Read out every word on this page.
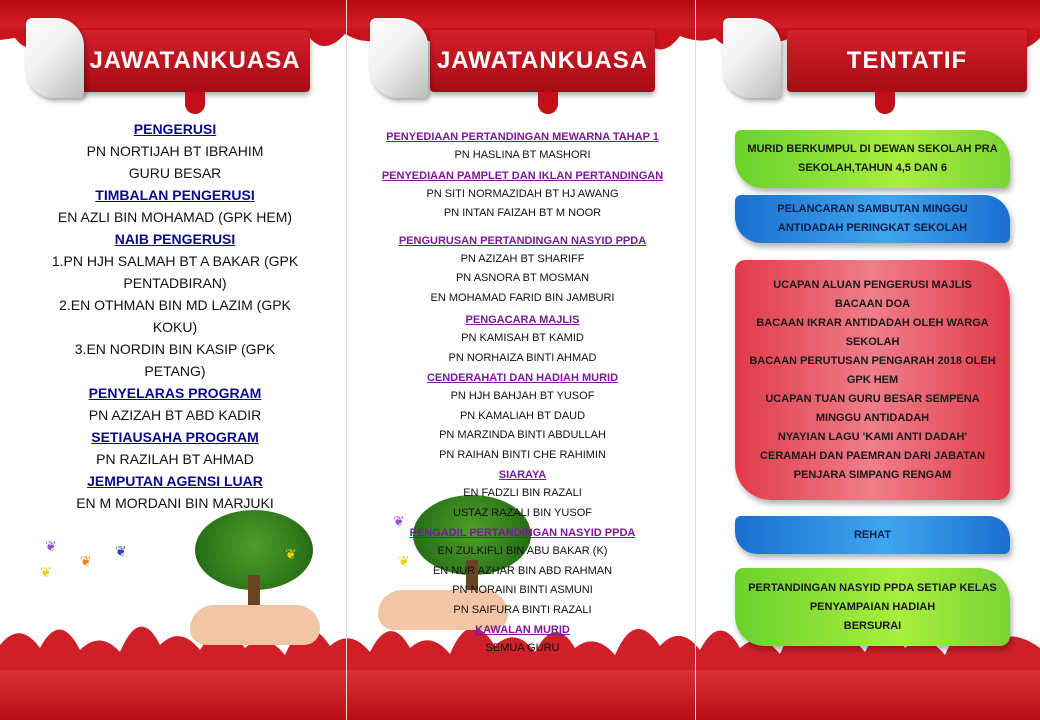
JAWATANKUASA
PENGERUSI
PN NORTIJAH BT IBRAHIM
GURU BESAR
TIMBALAN PENGERUSI
EN AZLI BIN MOHAMAD (GPK HEM)
NAIB PENGERUSI
1.PN HJH SALMAH BT A BAKAR (GPK
PENTADBIRAN)
2.EN OTHMAN BIN MD LAZIM (GPK
KOKU)
3.EN NORDIN BIN KASIP (GPK
PETANG)
PENYELARAS PROGRAM
PN AZIZAH BT ABD KADIR
SETIAUSAHA PROGRAM
PN RAZILAH BT AHMAD
JEMPUTAN AGENSI LUAR
EN M MORDANI BIN MARJUKI
❦
❦
❦
❦
❦
JAWATANKUASA
❦
❦
PENYEDIAAN PERTANDINGAN MEWARNA TAHAP 1
PN HASLINA BT MASHORI
PENYEDIAAN PAMPLET DAN IKLAN PERTANDINGAN
PN SITI NORMAZIDAH BT HJ AWANG
PN INTAN FAIZAH BT M NOOR
PENGURUSAN PERTANDINGAN NASYID PPDA
PN AZIZAH BT SHARIFF
PN ASNORA BT MOSMAN
EN MOHAMAD FARID BIN JAMBURI
PENGACARA MAJLIS
PN KAMISAH BT KAMID
PN NORHAIZA BINTI AHMAD
CENDERAHATI DAN HADIAH MURID
PN HJH BAHJAH BT YUSOF
PN KAMALIAH BT DAUD
PN MARZINDA BINTI ABDULLAH
PN RAIHAN BINTI CHE RAHIMIN
SIARAYA
EN FADZLI BIN RAZALI
USTAZ RAZALI BIN YUSOF
PENGADIL PERTANDINGAN NASYID PPDA
EN ZULKIFLI BIN ABU BAKAR (K)
EN NUR AZHAR BIN ABD RAHMAN
PN NORAINI BINTI ASMUNI
PN SAIFURA BINTI RAZALI
KAWALAN MURID
SEMUA GURU
TENTATIF
MURID BERKUMPUL DI DEWAN SEKOLAH PRA
SEKOLAH,TAHUN 4,5 DAN 6
PELANCARAN SAMBUTAN MINGGU
ANTIDADAH PERINGKAT SEKOLAH
UCAPAN ALUAN PENGERUSI MAJLIS
BACAAN DOA
BACAAN IKRAR ANTIDADAH OLEH WARGA
SEKOLAH
BACAAN PERUTUSAN PENGARAH 2018 OLEH
GPK HEM
UCAPAN TUAN GURU BESAR SEMPENA
MINGGU ANTIDADAH
NYAYIAN LAGU 'KAMI ANTI DADAH'
CERAMAH DAN PAEMRAN DARI JABATAN
PENJARA SIMPANG RENGAM
REHAT
PERTANDINGAN NASYID PPDA SETIAP KELAS
PENYAMPAIAN HADIAH
BERSURAI
